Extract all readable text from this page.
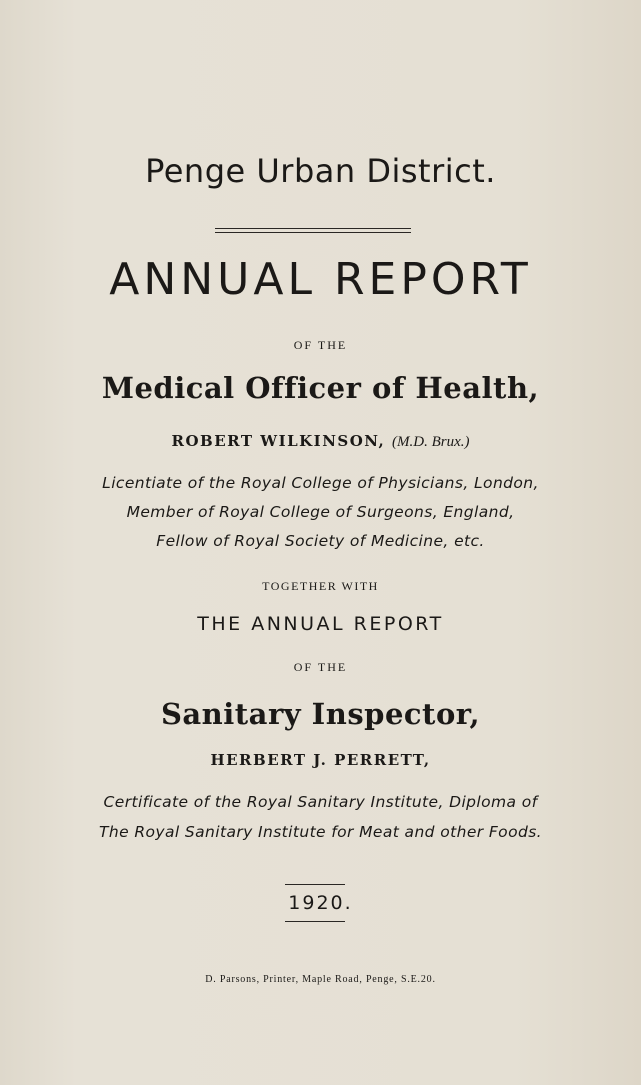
Penge Urban District.
ANNUAL REPORT
OF THE
Medical Officer of Health,
ROBERT WILKINSON, (M.D. Brux.)
Licentiate of the Royal College of Physicians, London,
Member of Royal College of Surgeons, England,
Fellow of Royal Society of Medicine, etc.
TOGETHER WITH
THE ANNUAL REPORT
OF THE
Sanitary Inspector,
HERBERT J. PERRETT,
Certificate of the Royal Sanitary Institute, Diploma of
The Royal Sanitary Institute for Meat and other Foods.
1920.
D. Parsons, Printer, Maple Road, Penge, S.E.20.
